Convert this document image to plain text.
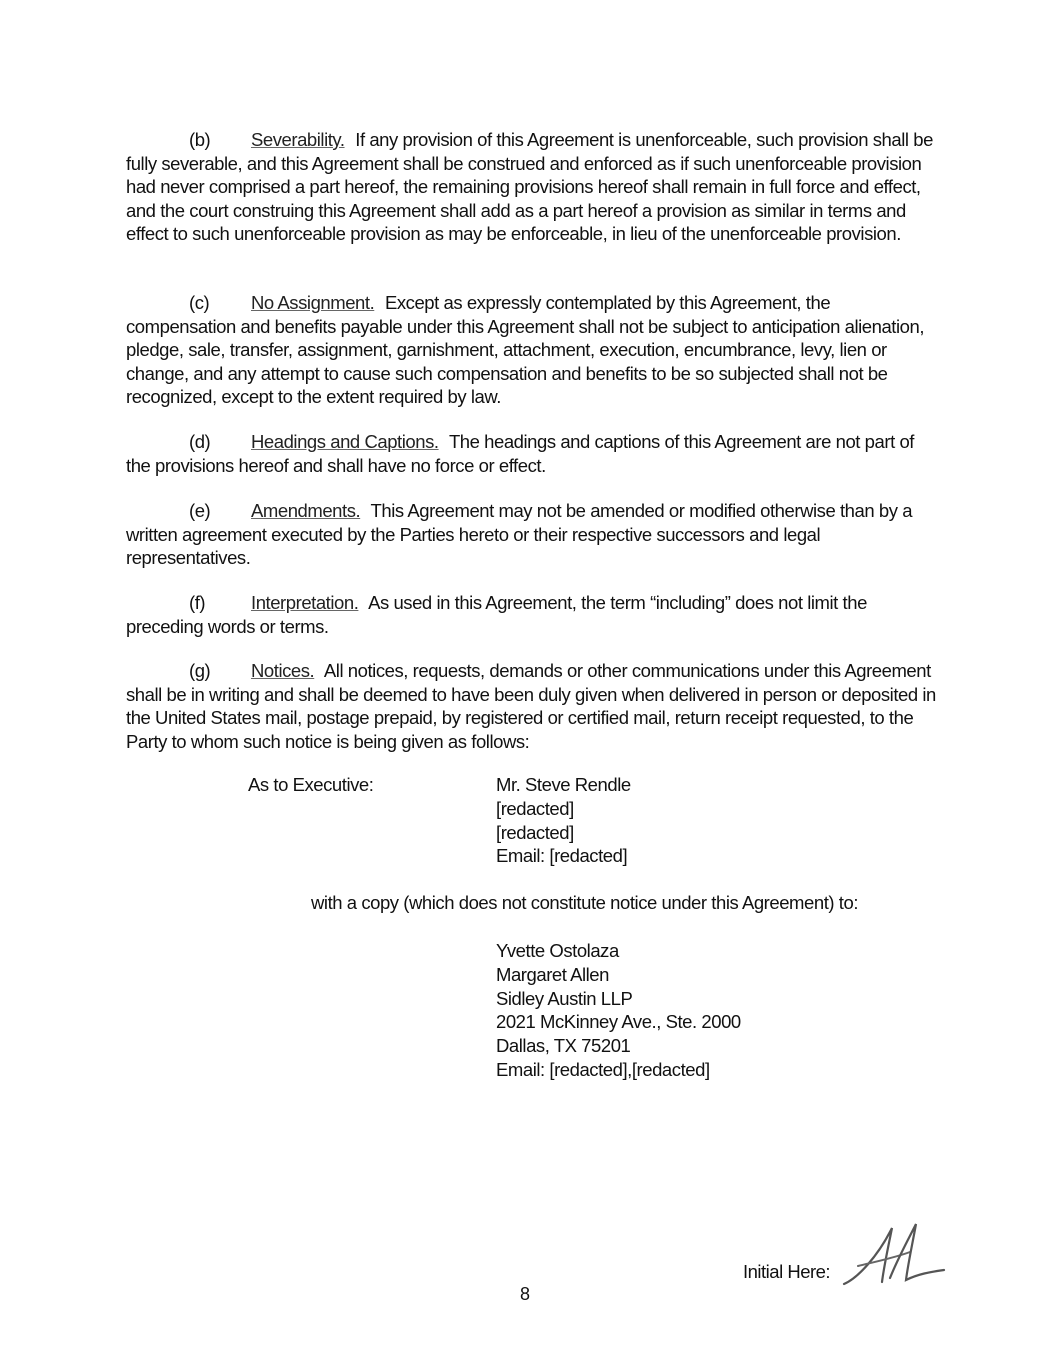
(b) Severability. If any provision of this Agreement is unenforceable, such provision shall be fully severable, and this Agreement shall be construed and enforced as if such unenforceable provision had never comprised a part hereof, the remaining provisions hereof shall remain in full force and effect, and the court construing this Agreement shall add as a part hereof a provision as similar in terms and effect to such unenforceable provision as may be enforceable, in lieu of the unenforceable provision.
(c) No Assignment. Except as expressly contemplated by this Agreement, the compensation and benefits payable under this Agreement shall not be subject to anticipation alienation, pledge, sale, transfer, assignment, garnishment, attachment, execution, encumbrance, levy, lien or change, and any attempt to cause such compensation and benefits to be so subjected shall not be recognized, except to the extent required by law.
(d) Headings and Captions. The headings and captions of this Agreement are not part of the provisions hereof and shall have no force or effect.
(e) Amendments. This Agreement may not be amended or modified otherwise than by a written agreement executed by the Parties hereto or their respective successors and legal representatives.
(f) Interpretation. As used in this Agreement, the term “including” does not limit the preceding words or terms.
(g) Notices. All notices, requests, demands or other communications under this Agreement shall be in writing and shall be deemed to have been duly given when delivered in person or deposited in the United States mail, postage prepaid, by registered or certified mail, return receipt requested, to the Party to whom such notice is being given as follows:
As to Executive:	Mr. Steve Rendle
[redacted]
[redacted]
Email: [redacted]
with a copy (which does not constitute notice under this Agreement) to:
Yvette Ostolaza
Margaret Allen
Sidley Austin LLP
2021 McKinney Ave., Ste. 2000
Dallas, TX 75201
Email: [redacted],[redacted]
Initial Here:
8
